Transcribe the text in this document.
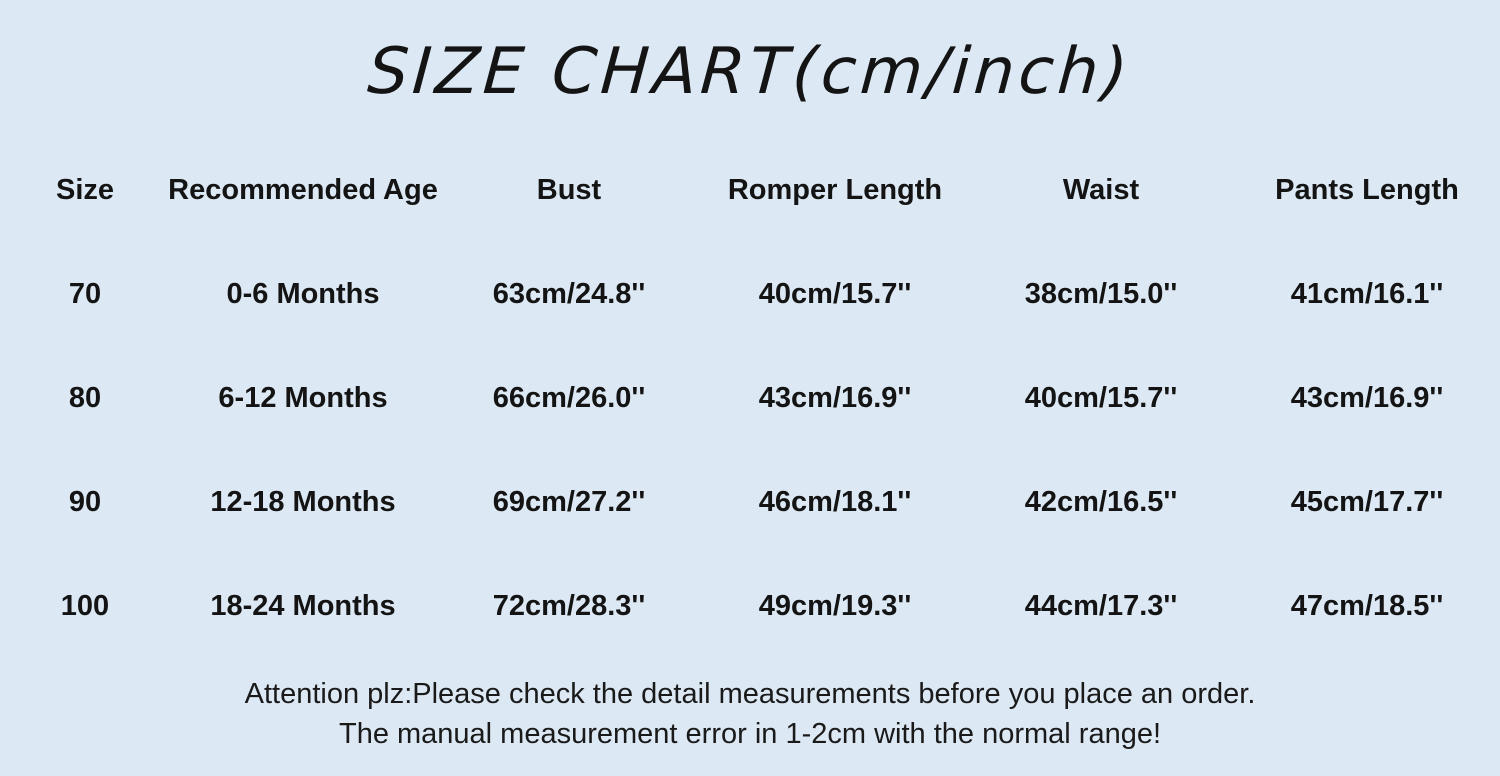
SIZE CHART(cm/inch)
Size	Recommended Age	Bust	Romper Length	Waist	Pants Length
70	0-6 Months	63cm/24.8''	40cm/15.7''	38cm/15.0''	41cm/16.1''
80	6-12 Months	66cm/26.0''	43cm/16.9''	40cm/15.7''	43cm/16.9''
90	12-18 Months	69cm/27.2''	46cm/18.1''	42cm/16.5''	45cm/17.7''
100	18-24 Months	72cm/28.3''	49cm/19.3''	44cm/17.3''	47cm/18.5''
Attention plz:Please check the detail measurements before you place an order.
The manual measurement error in 1-2cm with the normal range!
